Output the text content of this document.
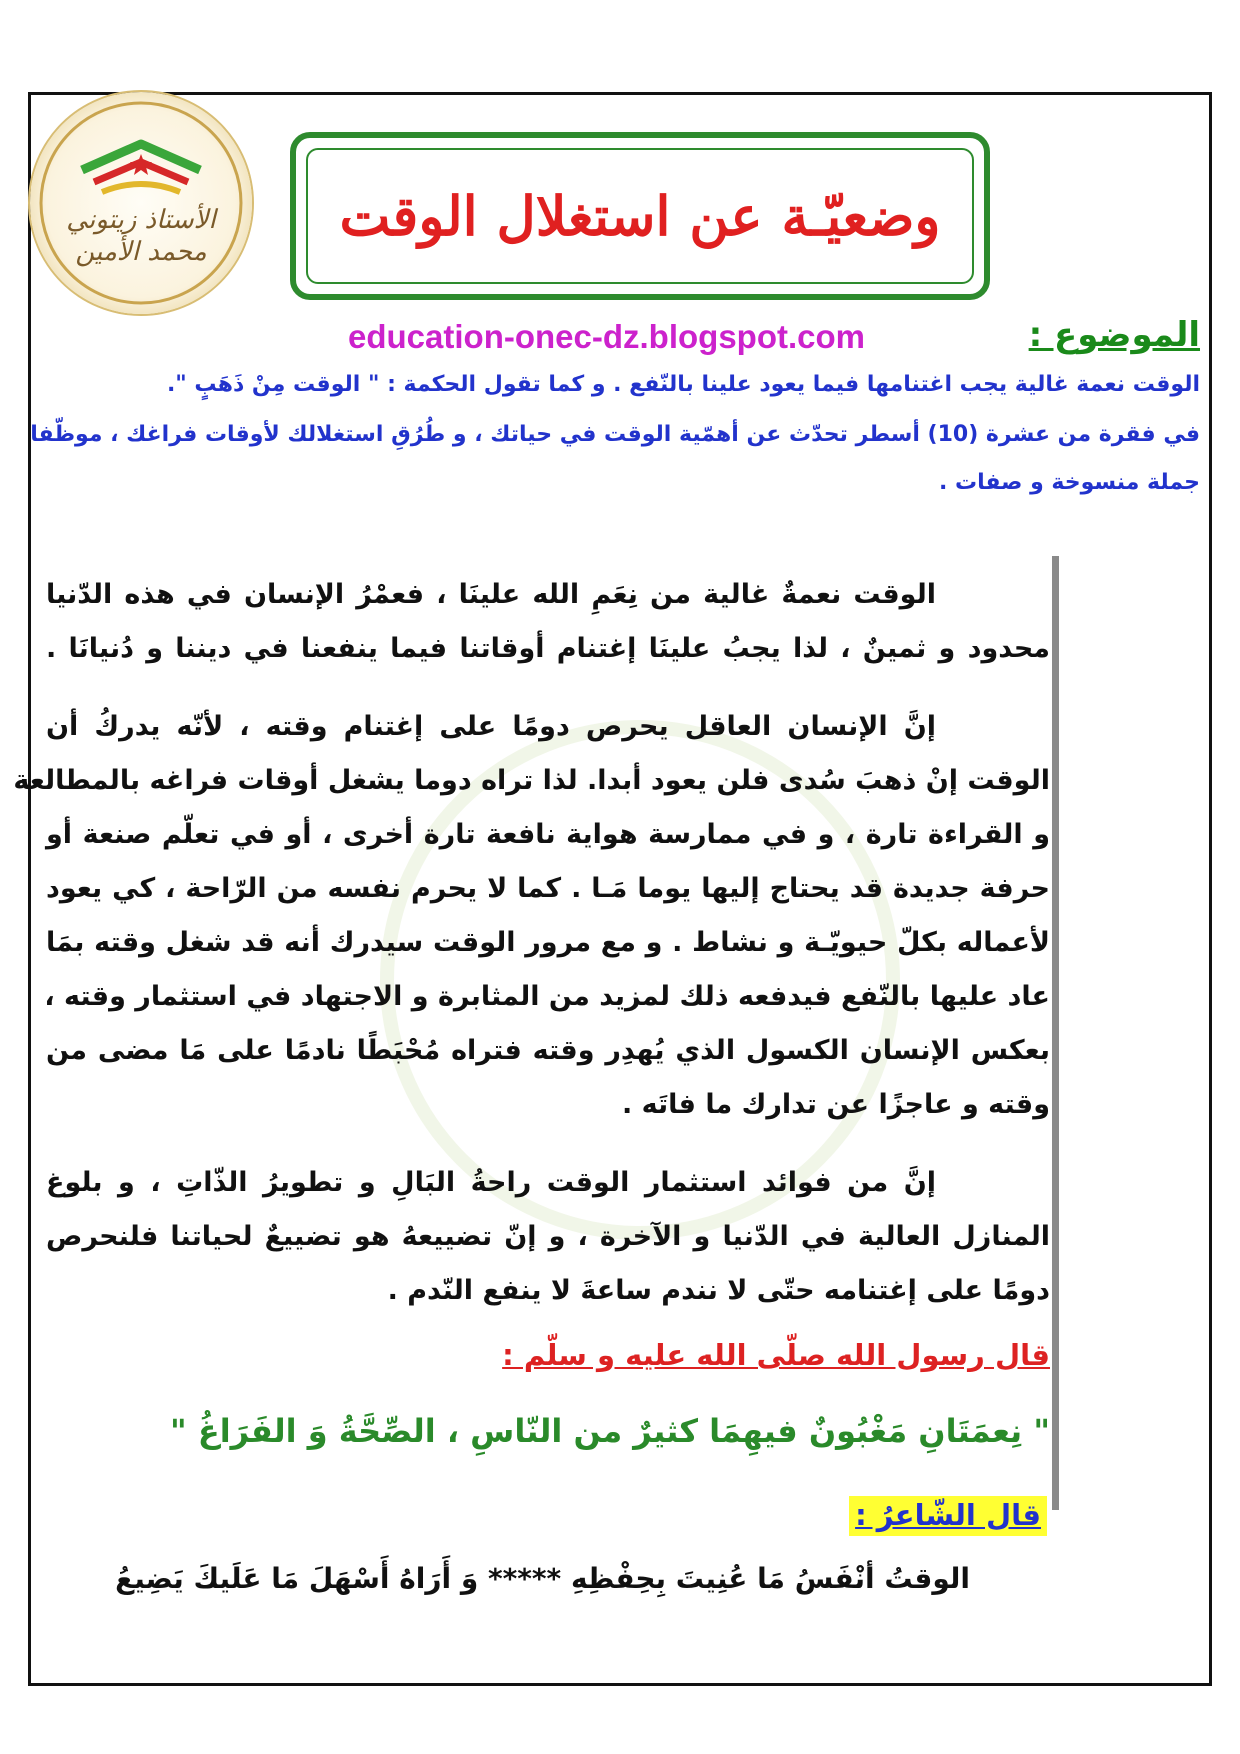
الأستاذ زيتوني
محمد الأمين
وضعيّـة عن استغلال الوقت
education-onec-dz.blogspot.com	الموضوع :
الوقت نعمة غالية يجب اغتنامها فيما يعود علينا بالنّفع . و كما تقول الحكمة : " الوقت مِنْ ذَهَبٍ ".
في فقرة من عشرة (10) أسطر تحدّث عن أهمّية الوقت في حياتك ، و طُرُقِ استغلالك لأوقات فراغك ، موظّفا
جملة منسوخة و صفات .
الوقت نعمةٌ غالية من نِعَمِ الله علينَا ، فعمْرُ الإنسان في هذه الدّنيا
محدود و ثمينٌ ، لذا يجبُ علينَا إغتنام أوقاتنا فيما ينفعنا في ديننا و دُنيانَا .
إنَّ الإنسان العاقل يحرص دومًا على إغتنام وقته ، لأنّه يدركُ أن
الوقت إنْ ذهبَ سُدى فلن يعود أبدا. لذا تراه دوما يشغل أوقات فراغه بالمطالعة
و القراءة تارة ، و في ممارسة هواية نافعة تارة أخرى ، أو في تعلّم صنعة أو
حرفة جديدة قد يحتاج إليها يوما مَـا . كما لا يحرم نفسه من الرّاحة ، كي يعود
لأعماله بكلّ حيويّـة و نشاط . و مع مرور الوقت سيدرك أنه قد شغل وقته بمَا
عاد عليها بالنّفع فيدفعه ذلك لمزيد من المثابرة و الاجتهاد في استثمار وقته ،
بعكس الإنسان الكسول الذي يُهدِر وقته فتراه مُحْبَطًا نادمًا على مَا مضى من
وقته و عاجزًا عن تدارك ما فاتَه .
إنَّ من فوائد استثمار الوقت راحةُ البَالِ و تطويرُ الذّاتِ ، و بلوغ
المنازل العالية في الدّنيا و الآخرة ، و إنّ تضييعهُ هو تضييعٌ لحياتنا فلنحرص
دومًا على إغتنامه حتّى لا نندم ساعةَ لا ينفع النّدم .
قال رسول الله صلّى الله عليه و سلّم :
" نِعمَتَانِ مَغْبُونٌ فيهِمَا كثيرٌ من النّاسِ ، الصِّحَّةُ وَ الفَرَاغُ "
قال الشّاعرُ :
الوقتُ أنْفَسُ مَا عُنِيتَ بِحِفْظِهِ ***** وَ أَرَاهُ أَسْهَلَ مَا عَلَيكَ يَضِيعُ
